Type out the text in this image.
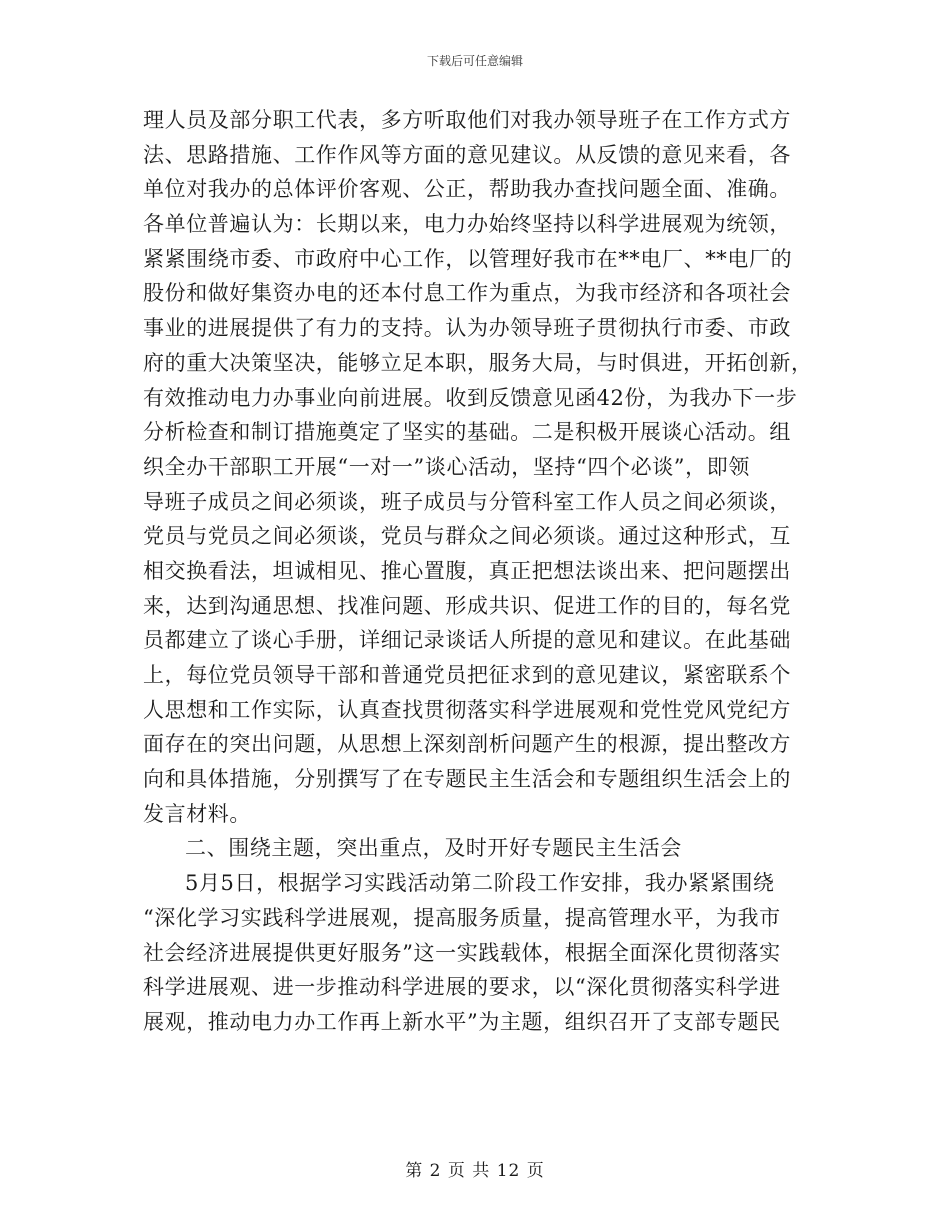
下载后可任意编辑
理人员及部分职工代表，多方听取他们对我办领导班子在工作方式方
法、思路措施、工作作风等方面的意见建议。从反馈的意见来看，各
单位对我办的总体评价客观、公正，帮助我办查找问题全面、准确。
各单位普遍认为：长期以来，电力办始终坚持以科学进展观为统领，
紧紧围绕市委、市政府中心工作，以管理好我市在**电厂、**电厂的
股份和做好集资办电的还本付息工作为重点，为我市经济和各项社会
事业的进展提供了有力的支持。认为办领导班子贯彻执行市委、市政
府的重大决策坚决，能够立足本职，服务大局，与时俱进，开拓创新，
有效推动电力办事业向前进展。收到反馈意见函42份，为我办下一步
分析检查和制订措施奠定了坚实的基础。二是积极开展谈心活动。组
织全办干部职工开展“一对一”谈心活动，坚持“四个必谈”，即领
导班子成员之间必须谈，班子成员与分管科室工作人员之间必须谈，
党员与党员之间必须谈，党员与群众之间必须谈。通过这种形式，互
相交换看法，坦诚相见、推心置腹，真正把想法谈出来、把问题摆出
来，达到沟通思想、找准问题、形成共识、促进工作的目的，每名党
员都建立了谈心手册，详细记录谈话人所提的意见和建议。在此基础
上，每位党员领导干部和普通党员把征求到的意见建议，紧密联系个
人思想和工作实际，认真查找贯彻落实科学进展观和党性党风党纪方
面存在的突出问题，从思想上深刻剖析问题产生的根源，提出整改方
向和具体措施，分别撰写了在专题民主生活会和专题组织生活会上的
发言材料。
二、围绕主题，突出重点，及时开好专题民主生活会
5月5日，根据学习实践活动第二阶段工作安排，我办紧紧围绕
“深化学习实践科学进展观，提高服务质量，提高管理水平，为我市
社会经济进展提供更好服务”这一实践载体，根据全面深化贯彻落实
科学进展观、进一步推动科学进展的要求，以“深化贯彻落实科学进
展观，推动电力办工作再上新水平”为主题，组织召开了支部专题民
第 2 页 共 12 页
